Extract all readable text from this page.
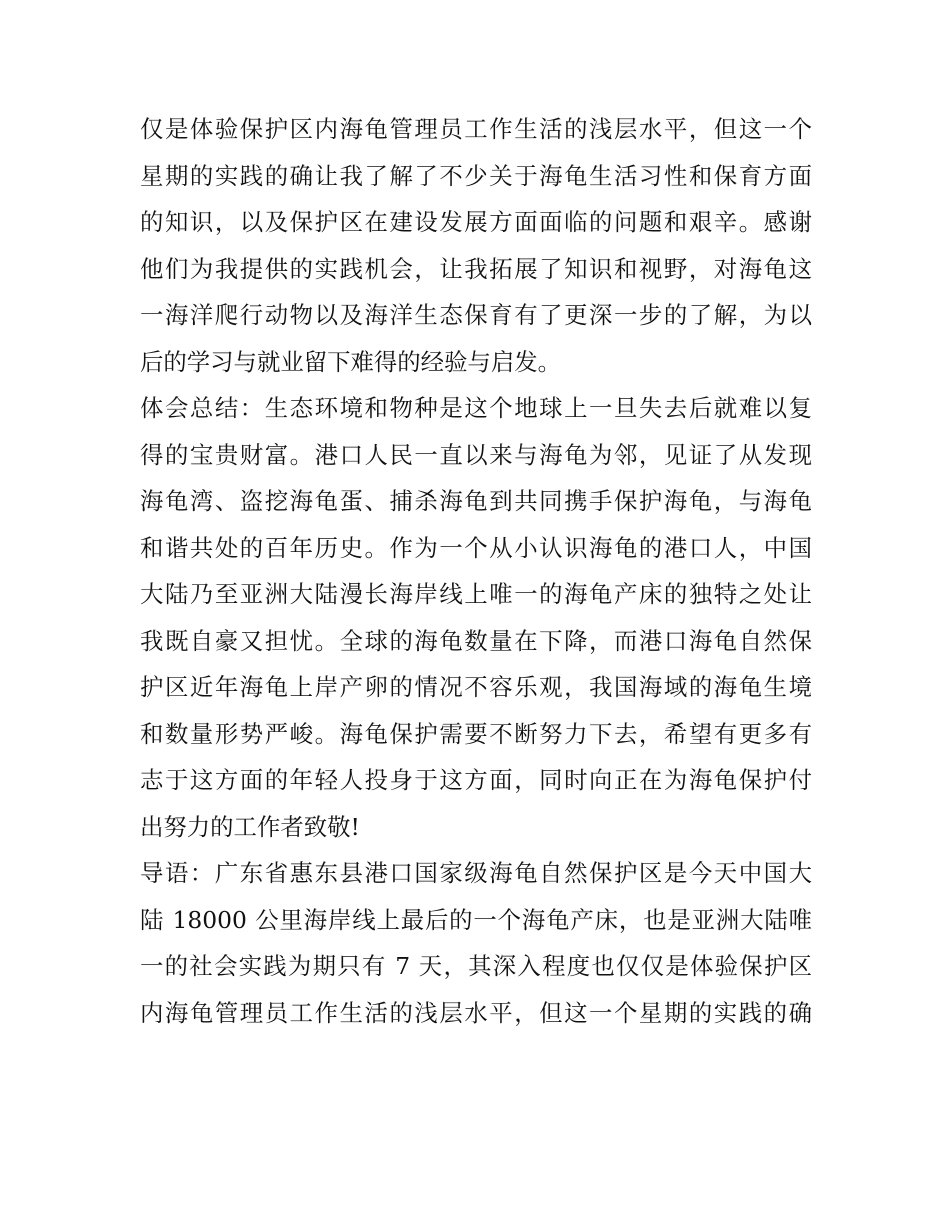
仅是体验保护区内海龟管理员工作生活的浅层水平，但这一个
星期的实践的确让我了解了不少关于海龟生活习性和保育方面
的知识，以及保护区在建设发展方面面临的问题和艰辛。感谢
他们为我提供的实践机会，让我拓展了知识和视野，对海龟这
一海洋爬行动物以及海洋生态保育有了更深一步的了解，为以
后的学习与就业留下难得的经验与启发。
体会总结：生态环境和物种是这个地球上一旦失去后就难以复
得的宝贵财富。港口人民一直以来与海龟为邻，见证了从发现
海龟湾、盗挖海龟蛋、捕杀海龟到共同携手保护海龟，与海龟
和谐共处的百年历史。作为一个从小认识海龟的港口人，中国
大陆乃至亚洲大陆漫长海岸线上唯一的海龟产床的独特之处让
我既自豪又担忧。全球的海龟数量在下降，而港口海龟自然保
护区近年海龟上岸产卵的情况不容乐观，我国海域的海龟生境
和数量形势严峻。海龟保护需要不断努力下去，希望有更多有
志于这方面的年轻人投身于这方面，同时向正在为海龟保护付
出努力的工作者致敬!
导语：广东省惠东县港口国家级海龟自然保护区是今天中国大
陆 18000 公里海岸线上最后的一个海龟产床，也是亚洲大陆唯
一的社会实践为期只有 7 天，其深入程度也仅仅是体验保护区
内海龟管理员工作生活的浅层水平，但这一个星期的实践的确
